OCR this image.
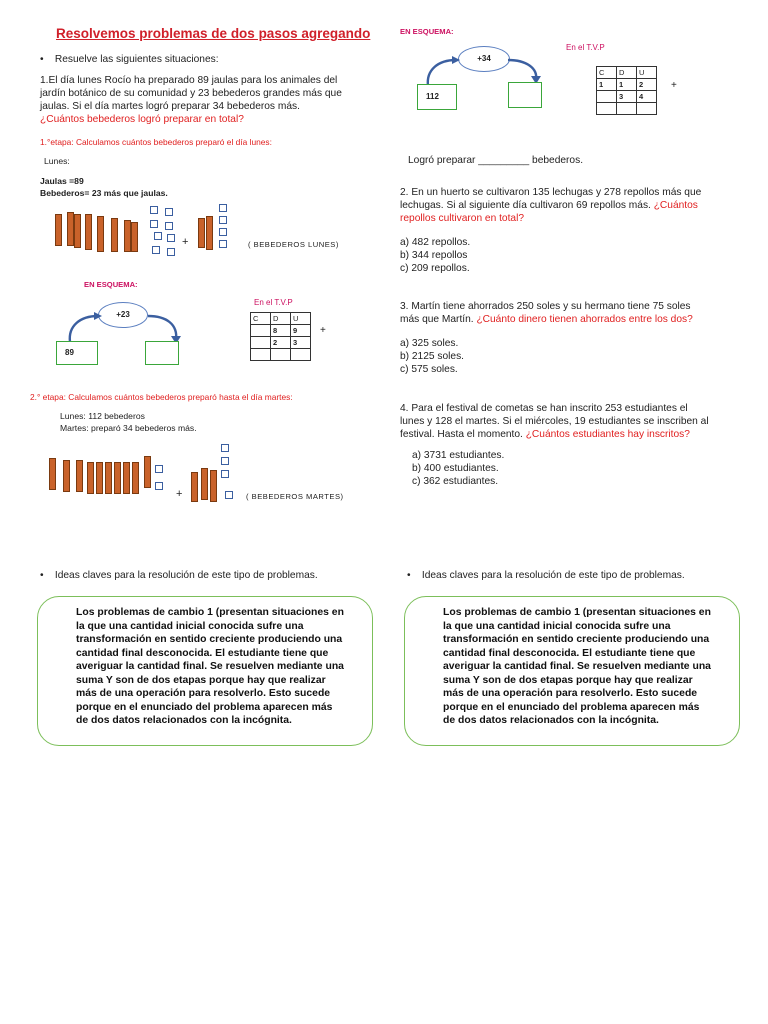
Resolvemos problemas de dos pasos agregando
•    Resuelve las siguientes situaciones:
1.El día lunes Rocío ha preparado 89 jaulas para los animales del
jardín botánico de su comunidad y 23 bebederos grandes más que
jaulas. Si el día martes logró preparar 34 bebederos más.
¿Cuántos bebederos logró preparar en total?
1.°etapa: Calculamos cuántos bebederos preparó el día lunes:
Lunes:
Jaulas =89
Bebederos= 23 más que jaulas.
+	( BEBEDEROS LUNES)
EN ESQUEMA:
+23
89
En el T.V.P
C	D	U
	8	9
	2	3

+
2.° etapa: Calculamos cuántos bebederos preparó hasta el día martes:
Lunes: 112 bebederos
Martes: preparó 34 bebederos más.
+	( BEBEDEROS MARTES)
EN ESQUEMA:
+34
112
En el T.V.P
C	D	U
1	1	2
	3	4

+
Logró preparar _________ bebederos.
2. En un huerto se cultivaron 135 lechugas y 278 repollos más que
lechugas. Si al siguiente día cultivaron 69 repollos más. ¿Cuántos
repollos cultivaron en total?
a) 482 repollos.
b) 344 repollos
c) 209 repollos.
3. Martín tiene ahorrados 250 soles y su hermano tiene 75 soles
más que Martín. ¿Cuánto dinero tienen ahorrados entre los dos?
a) 325 soles.
b) 2125 soles.
c) 575 soles.
4. Para el festival de cometas se han inscrito 253 estudiantes el
lunes y 128 el martes. Si el miércoles, 19 estudiantes se inscriben al
festival. Hasta el momento. ¿Cuántos estudiantes hay inscritos?
a) 3731 estudiantes.
b) 400 estudiantes.
c) 362 estudiantes.
•    Ideas claves para la resolución de este tipo de problemas.	•    Ideas claves para la resolución de este tipo de problemas.
Los problemas de cambio 1 (presentan situaciones en
la que una cantidad inicial conocida sufre una
transformación en sentido creciente produciendo una
cantidad final desconocida. El estudiante tiene que
averiguar la cantidad final. Se resuelven mediante una
suma Y son de dos etapas porque hay que realizar
más de una operación para resolverlo. Esto sucede
porque en el enunciado del problema aparecen más
de dos datos relacionados con la incógnita.
Los problemas de cambio 1 (presentan situaciones en
la que una cantidad inicial conocida sufre una
transformación en sentido creciente produciendo una
cantidad final desconocida. El estudiante tiene que
averiguar la cantidad final. Se resuelven mediante una
suma Y son de dos etapas porque hay que realizar
más de una operación para resolverlo. Esto sucede
porque en el enunciado del problema aparecen más
de dos datos relacionados con la incógnita.
